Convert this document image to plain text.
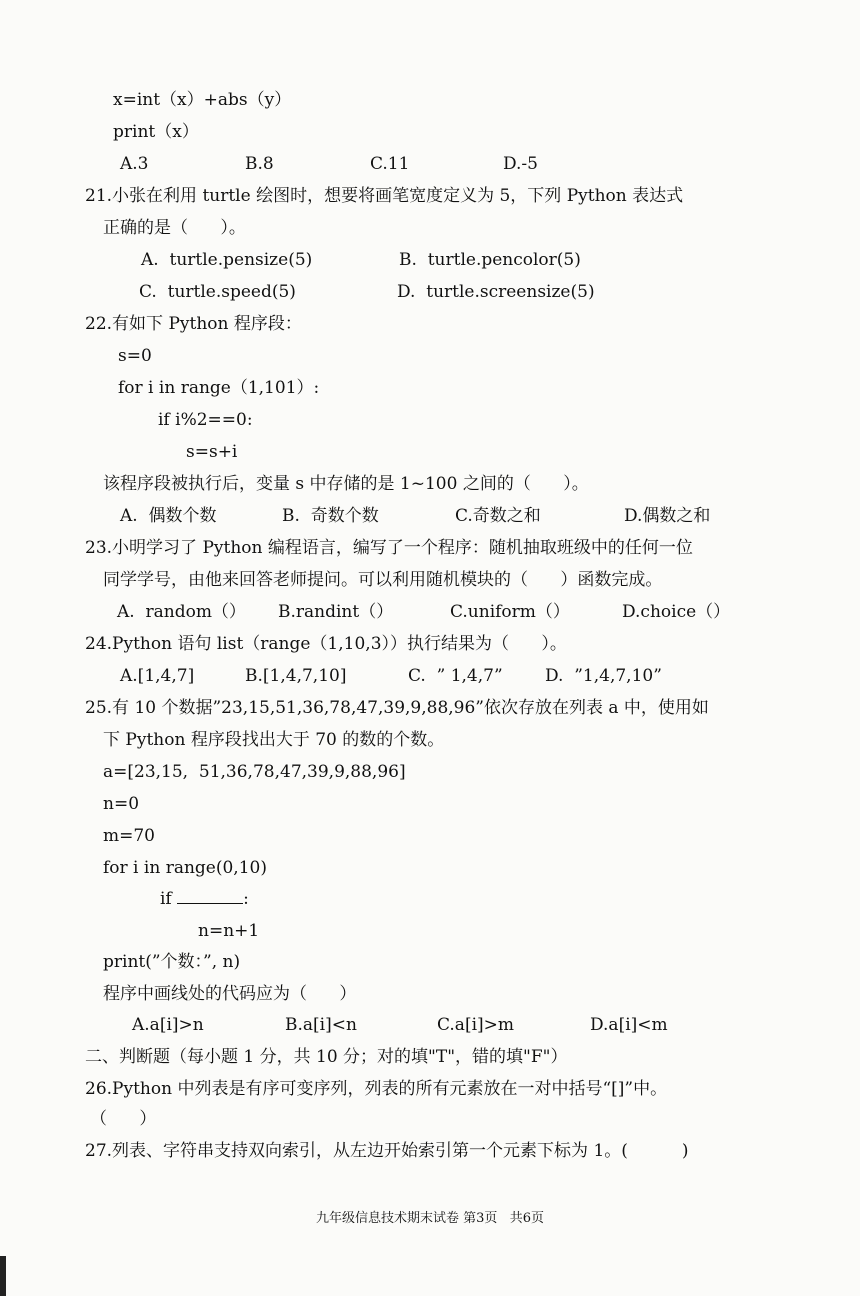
x=int（x）+abs（y）
print（x）
A.3	B.8	C.11	D.-5
21.小张在利用 turtle 绘图时，想要将画笔宽度定义为 5，下列 Python 表达式
正确的是（      ）。
A.  turtle.pensize(5)	B.  turtle.pencolor(5)
C.  turtle.speed(5)	D.  turtle.screensize(5)
22.有如下 Python 程序段：
s=0
for i in range（1,101）:
if i%2==0:
s=s+i
该程序段被执行后，变量 s 中存储的是 1~100 之间的（      ）。
A.  偶数个数	B.  奇数个数	C.奇数之和	D.偶数之和
23.小明学习了 Python 编程语言，编写了一个程序：随机抽取班级中的任何一位
同学学号，由他来回答老师提问。可以利用随机模块的（      ）函数完成。
A.  random（） B.randint（）	C.uniform（）	D.choice（）
24.Python 语句 list（range（1,10,3））执行结果为（      ）。
A.[1,4,7]	B.[1,4,7,10]	C.  ” 1,4,7” D.  ”1,4,7,10”
25.有 10 个数据”23,15,51,36,78,47,39,9,88,96”依次存放在列表 a 中，使用如
下 Python 程序段找出大于 70 的数的个数。
a=[23,15,  51,36,78,47,39,9,88,96]
n=0
m=70
for i in range(0,10)
if	:
n=n+1
print(”个数：”, n)
程序中画线处的代码应为（      ）
A.a[i]>n	B.a[i]<n	C.a[i]>m	D.a[i]<m
二、判断题（每小题 1 分，共 10 分；对的填"T"，错的填"F"）
26.Python 中列表是有序可变序列，列表的所有元素放在一对中括号“[]”中。
（      ）
27.列表、字符串支持双向索引，从左边开始索引第一个元素下标为 1。(          )
九年级信息技术期末试卷 第3页   共6页
